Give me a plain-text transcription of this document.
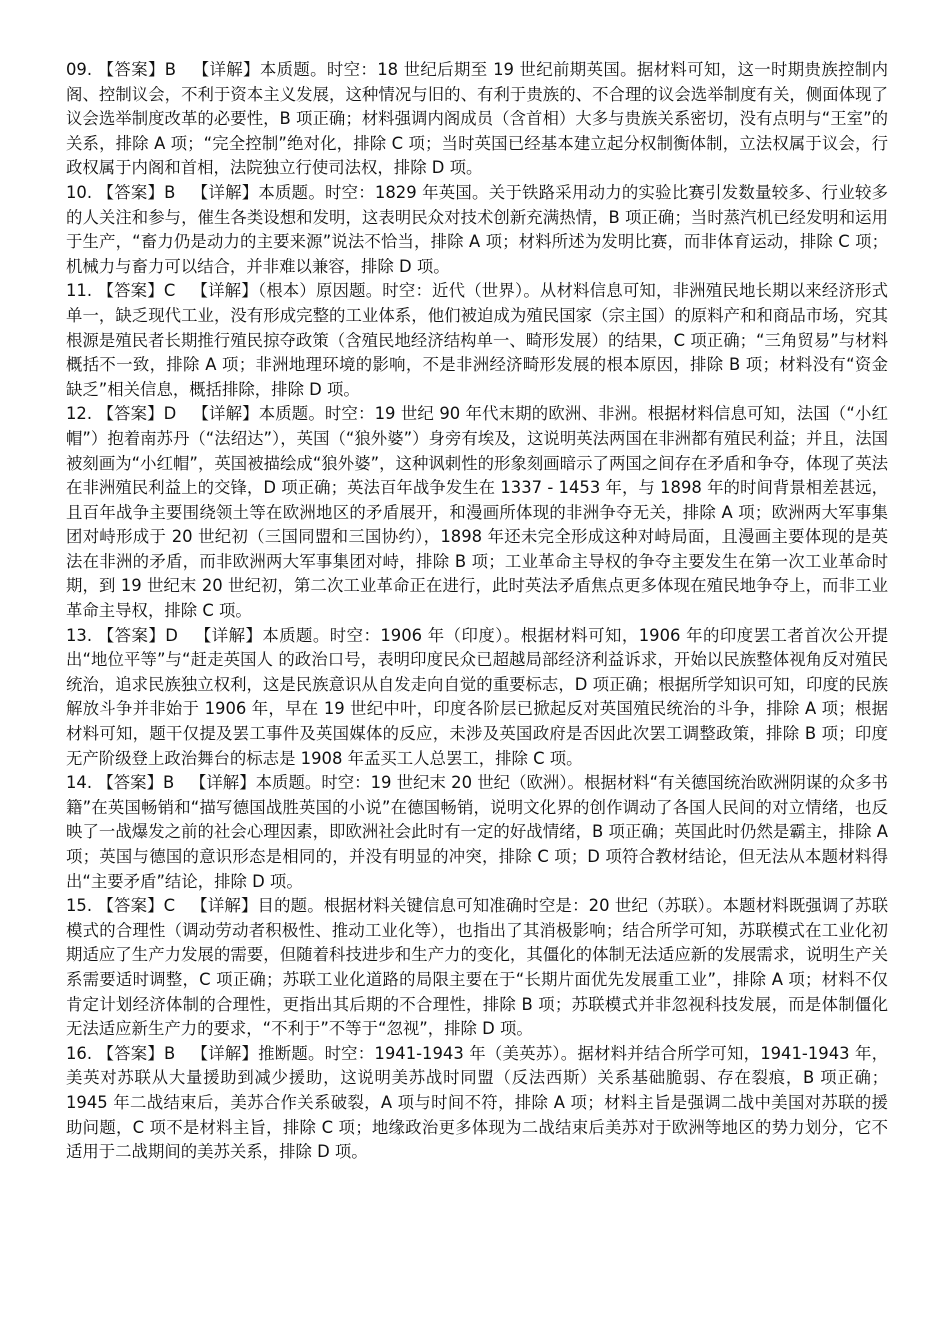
09. 【答案】B 【详解】本质题。时空：18 世纪后期至 19 世纪前期英国。据材料可知，这一时期贵族控制内阁、控制议会，不利于资本主义发展，这种情况与旧的、有利于贵族的、不合理的议会选举制度有关，侧面体现了议会选举制度改革的必要性，B 项正确；材料强调内阁成员（含首相）大多与贵族关系密切，没有点明与“王室”的关系，排除 A 项；“完全控制”绝对化，排除 C 项；当时英国已经基本建立起分权制衡体制，立法权属于议会，行政权属于内阁和首相，法院独立行使司法权，排除 D 项。

10. 【答案】B 【详解】本质题。时空：1829 年英国。关于铁路采用动力的实验比赛引发数量较多、行业较多的人关注和参与，催生各类设想和发明，这表明民众对技术创新充满热情，B 项正确；当时蒸汽机已经发明和运用于生产，“畜力仍是动力的主要来源”说法不恰当，排除 A 项；材料所述为发明比赛，而非体育运动，排除 C 项；机械力与畜力可以结合，并非难以兼容，排除 D 项。

11. 【答案】C 【详解】（根本）原因题。时空：近代（世界）。从材料信息可知，非洲殖民地长期以来经济形式单一，缺乏现代工业，没有形成完整的工业体系，他们被迫成为殖民国家（宗主国）的原料产和和商品市场，究其根源是殖民者长期推行殖民掠夺政策（含殖民地经济结构单一、畸形发展）的结果，C 项正确；“三角贸易”与材料概括不一致，排除 A 项；非洲地理环境的影响，不是非洲经济畸形发展的根本原因，排除 B 项；材料没有“资金缺乏”相关信息，概括排除，排除 D 项。

12. 【答案】D 【详解】本质题。时空：19 世纪 90 年代末期的欧洲、非洲。根据材料信息可知，法国（“小红帽”）抱着南苏丹（“法绍达”），英国（“狼外婆”）身旁有埃及，这说明英法两国在非洲都有殖民利益；并且，法国被刻画为“小红帽”，英国被描绘成“狼外婆”，这种讽刺性的形象刻画暗示了两国之间存在矛盾和争夺，体现了英法在非洲殖民利益上的交锋，D 项正确；英法百年战争发生在 1337 - 1453 年，与 1898 年的时间背景相差甚远，且百年战争主要围绕领土等在欧洲地区的矛盾展开，和漫画所体现的非洲争夺无关，排除 A 项；欧洲两大军事集团对峙形成于 20 世纪初（三国同盟和三国协约），1898 年还未完全形成这种对峙局面，且漫画主要体现的是英法在非洲的矛盾，而非欧洲两大军事集团对峙，排除 B 项；工业革命主导权的争夺主要发生在第一次工业革命时期，到 19 世纪末 20 世纪初，第二次工业革命正在进行，此时英法矛盾焦点更多体现在殖民地争夺上，而非工业革命主导权，排除 C 项。

13. 【答案】D 【详解】本质题。时空：1906 年（印度）。根据材料可知，1906 年的印度罢工者首次公开提出“地位平等”与“赶走英国人 的政治口号，表明印度民众已超越局部经济利益诉求，开始以民族整体视角反对殖民统治，追求民族独立权利，这是民族意识从自发走向自觉的重要标志，D 项正确；根据所学知识可知，印度的民族解放斗争并非始于 1906 年，早在 19 世纪中叶，印度各阶层已掀起反对英国殖民统治的斗争，排除 A 项；根据材料可知，题干仅提及罢工事件及英国媒体的反应，未涉及英国政府是否因此次罢工调整政策，排除 B 项；印度无产阶级登上政治舞台的标志是 1908 年孟买工人总罢工，排除 C 项。

14. 【答案】B 【详解】本质题。时空：19 世纪末 20 世纪（欧洲）。根据材料“有关德国统治欧洲阴谋的众多书籍”在英国畅销和“描写德国战胜英国的小说”在德国畅销，说明文化界的创作调动了各国人民间的对立情绪，也反映了一战爆发之前的社会心理因素，即欧洲社会此时有一定的好战情绪，B 项正确；英国此时仍然是霸主，排除 A 项；英国与德国的意识形态是相同的，并没有明显的冲突，排除 C 项；D 项符合教材结论，但无法从本题材料得出“主要矛盾”结论，排除 D 项。

15. 【答案】C 【详解】目的题。根据材料关键信息可知准确时空是：20 世纪（苏联）。本题材料既强调了苏联模式的合理性（调动劳动者积极性、推动工业化等），也指出了其消极影响；结合所学可知，苏联模式在工业化初期适应了生产力发展的需要，但随着科技进步和生产力的变化，其僵化的体制无法适应新的发展需求，说明生产关系需要适时调整，C 项正确；苏联工业化道路的局限主要在于“长期片面优先发展重工业”，排除 A 项；材料不仅肯定计划经济体制的合理性，更指出其后期的不合理性，排除 B 项；苏联模式并非忽视科技发展，而是体制僵化无法适应新生产力的要求，“不利于”不等于“忽视”，排除 D 项。

16. 【答案】B 【详解】推断题。时空：1941-1943 年（美英苏）。据材料并结合所学可知，1941-1943 年，美英对苏联从大量援助到减少援助，这说明美苏战时同盟（反法西斯）关系基础脆弱、存在裂痕，B 项正确；1945 年二战结束后，美苏合作关系破裂，A 项与时间不符，排除 A 项；材料主旨是强调二战中美国对苏联的援助问题，C 项不是材料主旨，排除 C 项；地缘政治更多体现为二战结束后美苏对于欧洲等地区的势力划分，它不适用于二战期间的美苏关系，排除 D 项。
